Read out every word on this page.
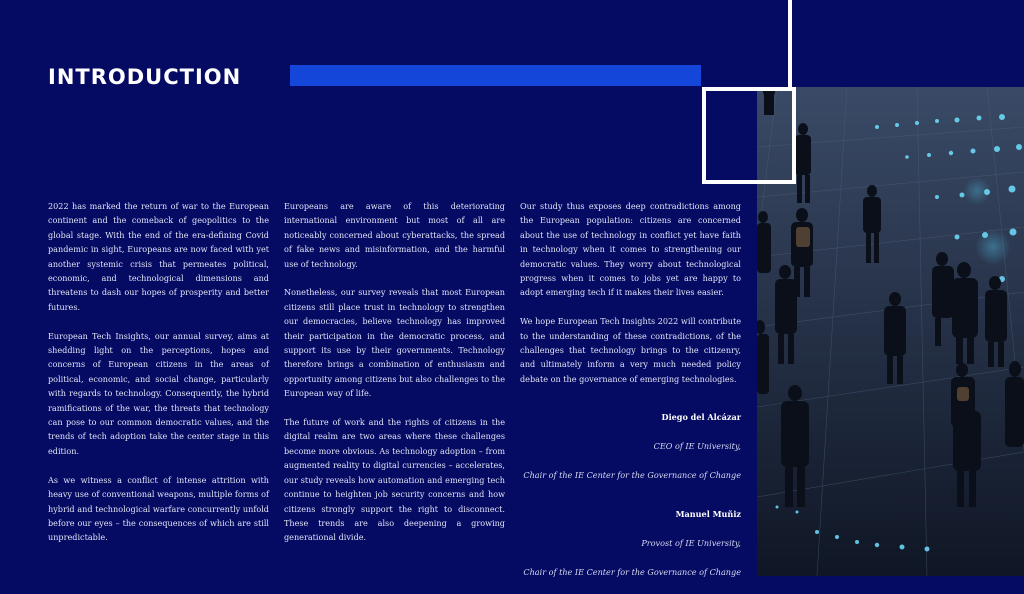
INTRODUCTION

2022 has marked the return of war to the European continent and the comeback of geopolitics to the global stage. With the end of the era-defining Covid pandemic in sight, Europeans are now faced with yet another systemic crisis that permeates political, economic, and technological dimensions and threatens to dash our hopes of prosperity and better futures.

European Tech Insights, our annual survey, aims at shedding light on the perceptions, hopes and concerns of European citizens in the areas of political, economic, and social change, particularly with regards to technology. Consequently, the hybrid ramifications of the war, the threats that technology can pose to our common democratic values, and the trends of tech adoption take the center stage in this edition.

As we witness a conflict of intense attrition with heavy use of conventional weapons, multiple forms of hybrid and technological warfare concurrently unfold before our eyes – the consequences of which are still unpredictable.

Europeans are aware of this deteriorating international environment but most of all are noticeably concerned about cyberattacks, the spread of fake news and misinformation, and the harmful use of technology.

Nonetheless, our survey reveals that most European citizens still place trust in technology to strengthen our democracies, believe technology has improved their participation in the democratic process, and support its use by their governments. Technology therefore brings a combination of enthusiasm and opportunity among citizens but also challenges to the European way of life.

The future of work and the rights of citizens in the digital realm are two areas where these challenges become more obvious. As technology adoption – from augmented reality to digital currencies – accelerates, our study reveals how automation and emerging tech continue to heighten job security concerns and how citizens strongly support the right to disconnect. These trends are also deepening a growing generational divide.

Our study thus exposes deep contradictions among the European population: citizens are concerned about the use of technology in conflict yet have faith in technology when it comes to strengthening our democratic values. They worry about technological progress when it comes to jobs yet are happy to adopt emerging tech if it makes their lives easier.

We hope European Tech Insights 2022 will contribute to the understanding of these contradictions, of the challenges that technology brings to the citizenry, and ultimately inform a very much needed policy debate on the governance of emerging technologies.

Diego del Alcázar

CEO of IE University,

Chair of the IE Center for the Governance of Change

Manuel Muñiz

Provost of IE University,

Chair of the IE Center for the Governance of Change
